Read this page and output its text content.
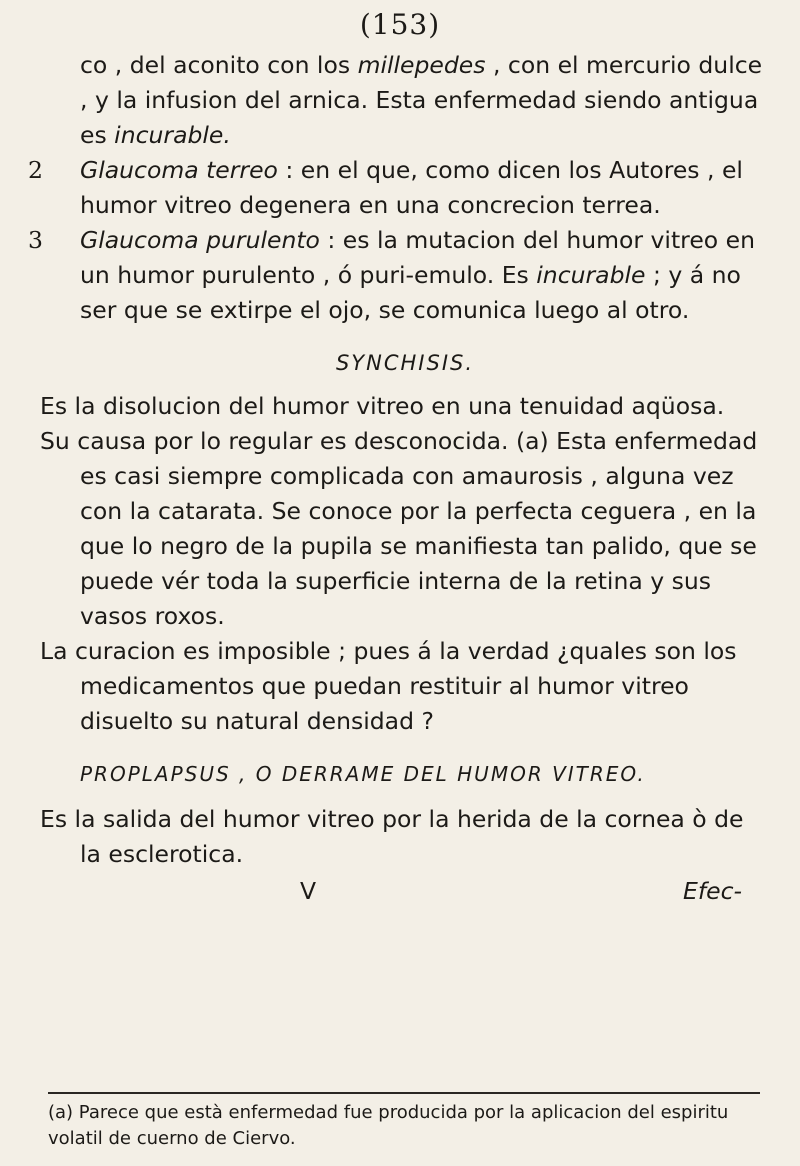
(153)

co , del aconito con los millepedes , con el mercurio dulce , y la infusion del arnica. Esta enfermedad siendo antigua es incurable.

2	Glaucoma terreo : en el que, como dicen los Autores , el humor vitreo degenera en una concrecion terrea.

3	Glaucoma purulento : es la mutacion del humor vitreo en un humor purulento , ó puri-emulo. Es incurable ; y á no ser que se extirpe el ojo, se comunica luego al otro.

SYNCHISIS.

Es la disolucion del humor vitreo en una tenuidad aqüosa.

Su causa por lo regular es desconocida. (a) Esta enfermedad es casi siempre complicada con amaurosis , alguna vez con la catarata. Se conoce por la perfecta ceguera , en la que lo negro de la pupila se manifiesta tan palido, que se puede vér toda la superficie interna de la retina y sus vasos roxos.

La curacion es imposible ; pues á la verdad ¿quales son los medicamentos que puedan restituir al humor vitreo disuelto su natural densidad ?

PROPLAPSUS , O DERRAME DEL HUMOR VITREO.

Es la salida del humor vitreo por la herida de la cornea ò de la esclerotica.

V	Efec-
(a) Parece que està enfermedad fue producida por la aplicacion del espiritu volatil de cuerno de Ciervo.
